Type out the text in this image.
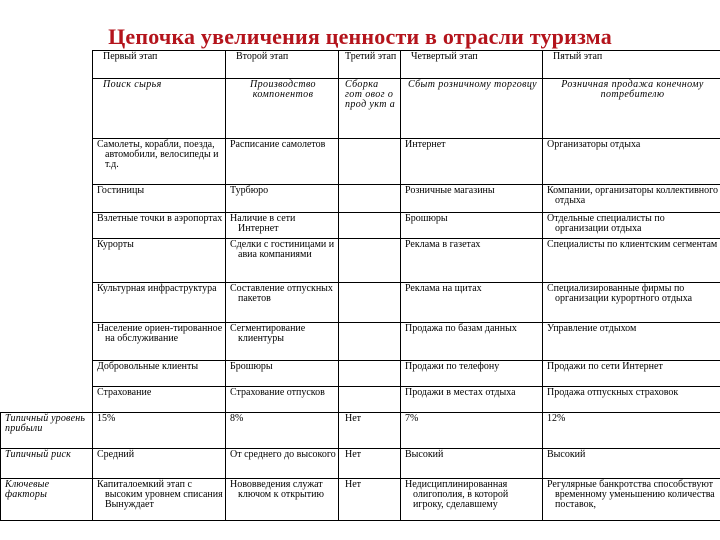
Цепочка увеличения ценности в отрасли туризма
	Первый этап	Второй этап	Третий этап	Четвертый этап	Пятый этап
	Поиск сырья	Производство компонентов	Сборка гот овог о прод укт а	Сбыт розничному торговцу	Розничная продажа конечному потребителю
	Самолеты, корабли, поезда, автомобили, велосипеды и т.д.	Расписание самолетов		Интернет	Организаторы отдыха
	Гостиницы	Турбюро		Розничные магазины	Компании, организаторы коллективного отдыха
	Взлетные точки в аэропортах	Наличие в сети Интернет		Брошюры	Отдельные специалисты по организации отдыха
	Курорты	Сделки с гостиницами и авиа компаниями		Реклама в газетах	Специалисты по клиентским сегментам
	Культурная инфраструктура	Составление отпускных пакетов		Реклама на щитах	Специализированные фирмы по организации курортного отдыха
	Население ориен-тированное на обслуживание	Сегментирование клиентуры		Продажа по базам данных	Управление отдыхом
	Добровольные клиенты	Брошюры		Продажи по телефону	Продажи по сети Интернет
	Страхование	Страхование отпусков		Продажи в местах отдыха	Продажа отпускных страховок
Типичный уровень прибыли	15%	8%	Нет	7%	12%
Типичный риск	Средний	От среднего до высокого	Нет	Высокий	Высокий
Ключевые факторы	Капиталоемкий этап с высоким уровнем списания Вынуждает	Нововведения служат ключом к открытию	Нет	Недисциплинированная олигополия, в которой игроку, сделавшему	Регулярные банкротства способствуют временному уменьшению количества поставок,
